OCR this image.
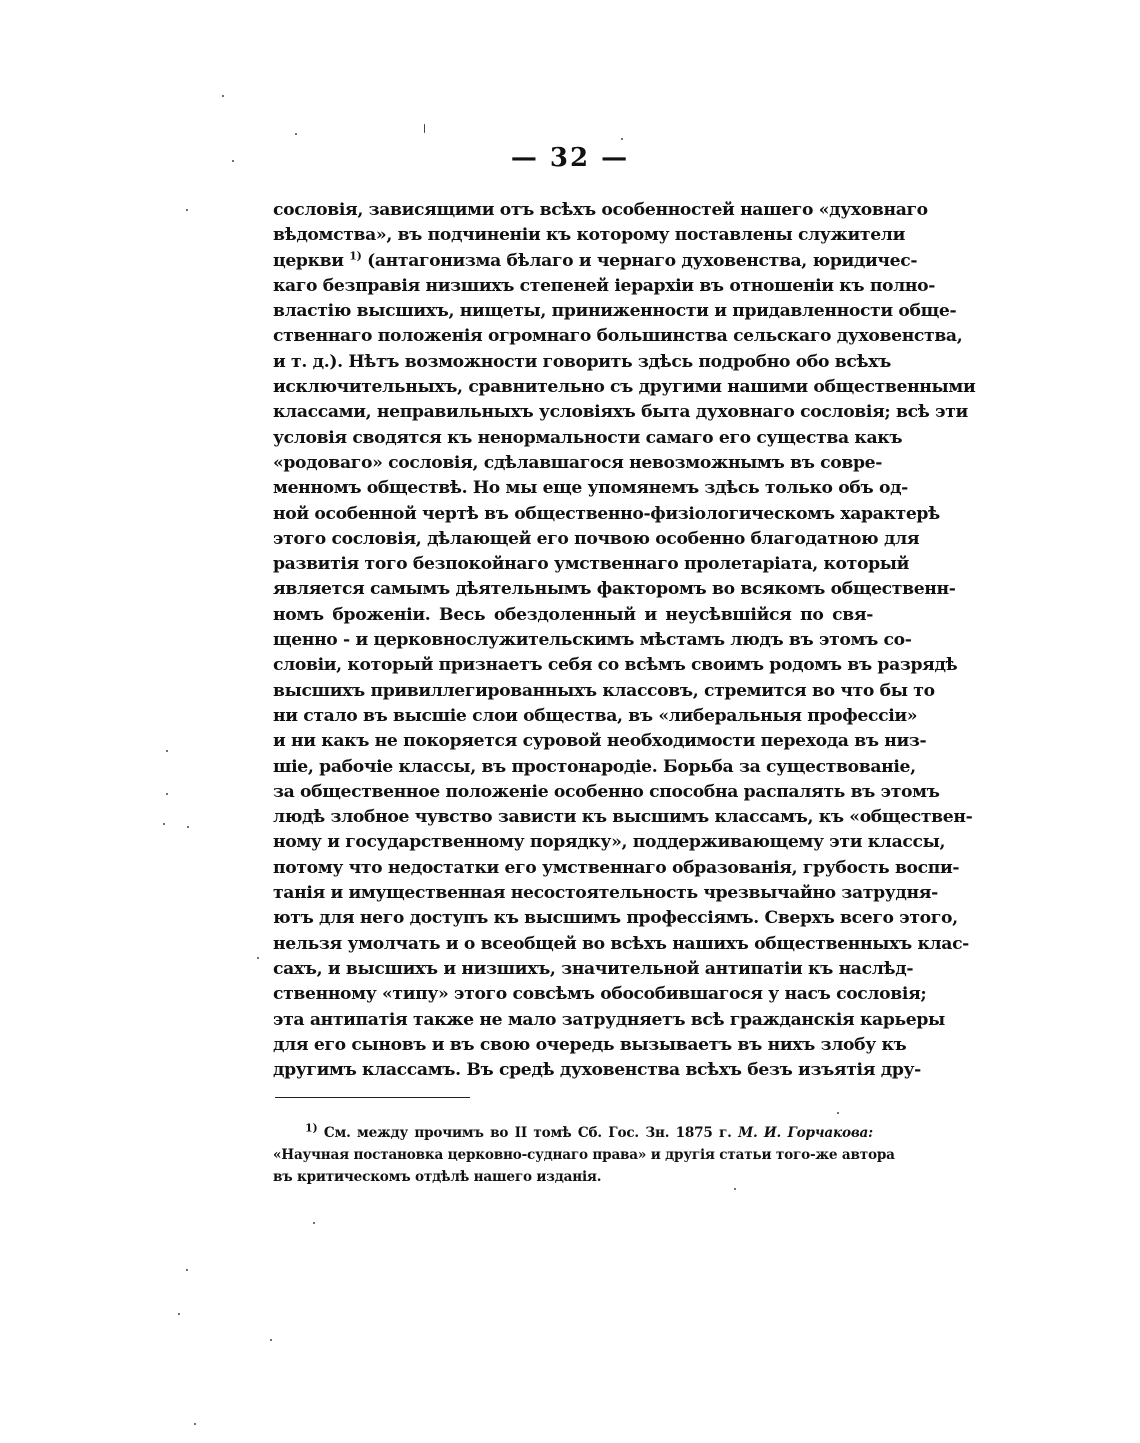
— 32 —
сословія, зависящими отъ всѣхъ особенностей нашего «духовнаго
вѣдомства», въ подчиненіи къ которому поставлены служители
церкви $^{1)}$ (антагонизма бѣлаго и чернаго духовенства, юридичес-
каго безправія низшихъ степеней іерархіи въ отношеніи къ полно-
властію высшихъ, нищеты, приниженности и придавленности обще-
ственнаго положенія огромнаго большинства сельскаго духовенства,
и т. д.). Нѣтъ возможности говорить здѣсь подробно обо всѣхъ
исключительныхъ, сравнительно съ другими нашими общественными
классами, неправильныхъ условіяхъ быта духовнаго сословія; всѣ эти
условія сводятся къ ненормальности самаго его существа какъ
«родоваго» сословія, сдѣлавшагося невозможнымъ въ совре-
менномъ обществѣ. Но мы еще упомянемъ здѣсь только объ од-
ной особенной чертѣ въ общественно-физіологическомъ характерѣ
этого сословія, дѣлающей его почвою особенно благодатною для
развитія того безпокойнаго умственнаго пролетаріата, который
является самымъ дѣятельнымъ факторомъ во всякомъ общественн-
номъ броженіи. Весь обездоленный и неусѣвшійся по свя-
щенно - и церковнослужительскимъ мѣстамъ людъ въ этомъ со-
словіи, который признаетъ себя со всѣмъ своимъ родомъ въ разрядѣ
высшихъ привиллегированныхъ классовъ, стремится во что бы то
ни стало въ высшіе слои общества, въ «либеральныя профессіи»
и ни какъ не покоряется суровой необходимости перехода въ низ-
шіе, рабочіе классы, въ простонародіе. Борьба за существованіе,
за общественное положеніе особенно способна распалять въ этомъ
людѣ злобное чувство зависти къ высшимъ классамъ, къ «обществен-
ному и государственному порядку», поддерживающему эти классы,
потому что недостатки его умственнаго образованія, грубость воспи-
танія и имущественная несостоятельность чрезвычайно затрудня-
ютъ для него доступъ къ высшимъ профессіямъ. Сверхъ всего этого,
нельзя умолчать и о всеобщей во всѣхъ нашихъ общественныхъ клас-
сахъ, и высшихъ и низшихъ, значительной антипатіи къ наслѣд-
ственному «типу» этого совсѣмъ обособившагося у насъ сословія;
эта антипатія также не мало затрудняетъ всѣ гражданскія карьеры
для его сыновъ и въ свою очередь вызываетъ въ нихъ злобу къ
другимъ классамъ. Въ средѣ духовенства всѣхъ безъ изъятія дру-
$^{1)}$ См. между прочимъ во II томѣ Сб. Гос. Зн. 1875 г. М. И. Горчакова:
«Научная постановка церковно-суднаго права» и другія статьи того-же автора
въ критическомъ отдѣлѣ нашего изданія.
